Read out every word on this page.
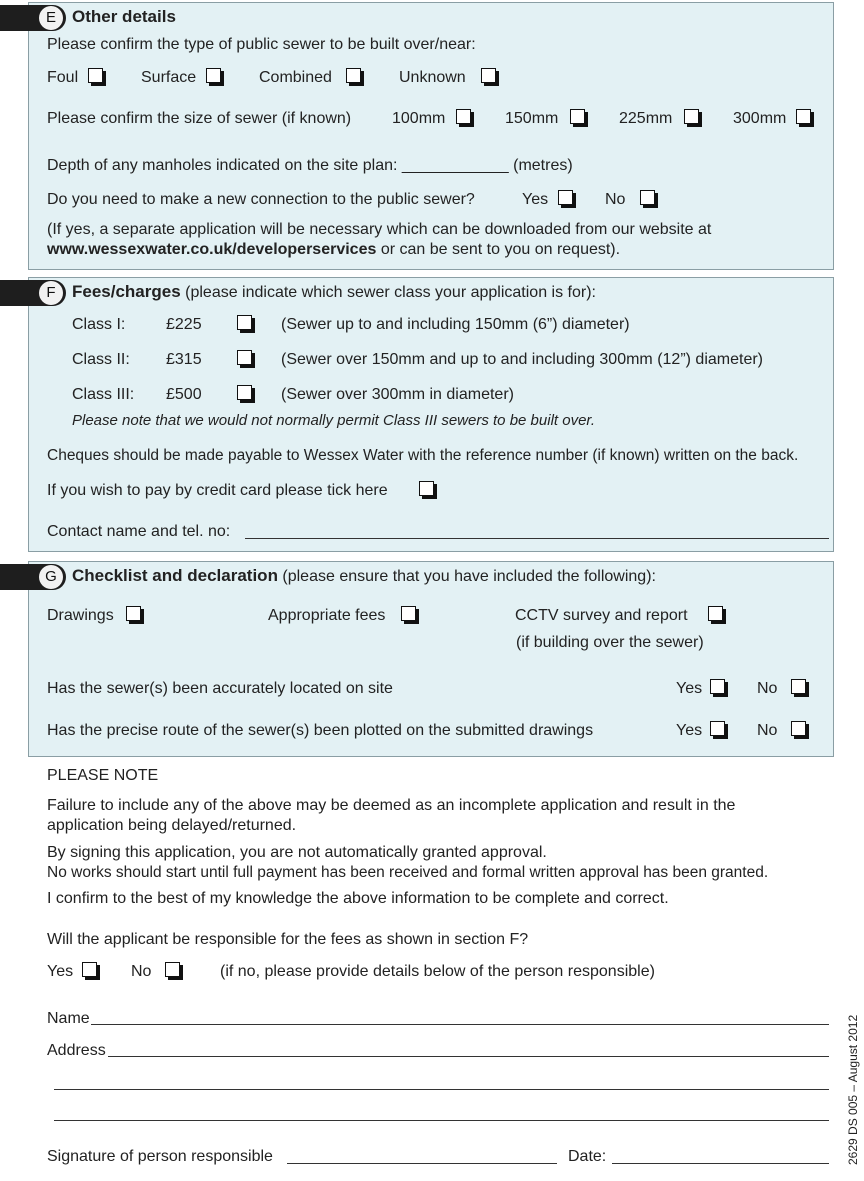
E Other details
Please confirm the type of public sewer to be built over/near:
Foul	Surface	Combined	Unknown
Please confirm the size of sewer (if known)	100mm	150mm	225mm	300mm
Depth of any manholes indicated on the site plan: ____________ (metres)
Do you need to make a new connection to the public sewer?	Yes	No
(If yes, a separate application will be necessary which can be downloaded from our website at
www.wessexwater.co.uk/developerservices or can be sent to you on request).
F Fees/charges (please indicate which sewer class your application is for):
Class I:	£225	(Sewer up to and including 150mm (6”) diameter)
Class II: £315	(Sewer over 150mm and up to and including 300mm (12”) diameter)
Class III: £500	(Sewer over 300mm in diameter)
Please note that we would not normally permit Class III sewers to be built over.
Cheques should be made payable to Wessex Water with the reference number (if known) written on the back.
If you wish to pay by credit card please tick here
Contact name and tel. no:
G Checklist and declaration (please ensure that you have included the following):
Drawings	Appropriate fees	CCTV survey and report
(if building over the sewer)
Has the sewer(s) been accurately located on site	Yes	No
Has the precise route of the sewer(s) been plotted on the submitted drawings	Yes	No
PLEASE NOTE
Failure to include any of the above may be deemed as an incomplete application and result in the
application being delayed/returned.
By signing this application, you are not automatically granted approval.
No works should start until full payment has been received and formal written approval has been granted.
I confirm to the best of my knowledge the above information to be complete and correct.
Will the applicant be responsible for the fees as shown in section F?
Yes	No	(if no, please provide details below of the person responsible)
Name
Address
Signature of person responsible	Date:	2629 DS 005 – August 2012
